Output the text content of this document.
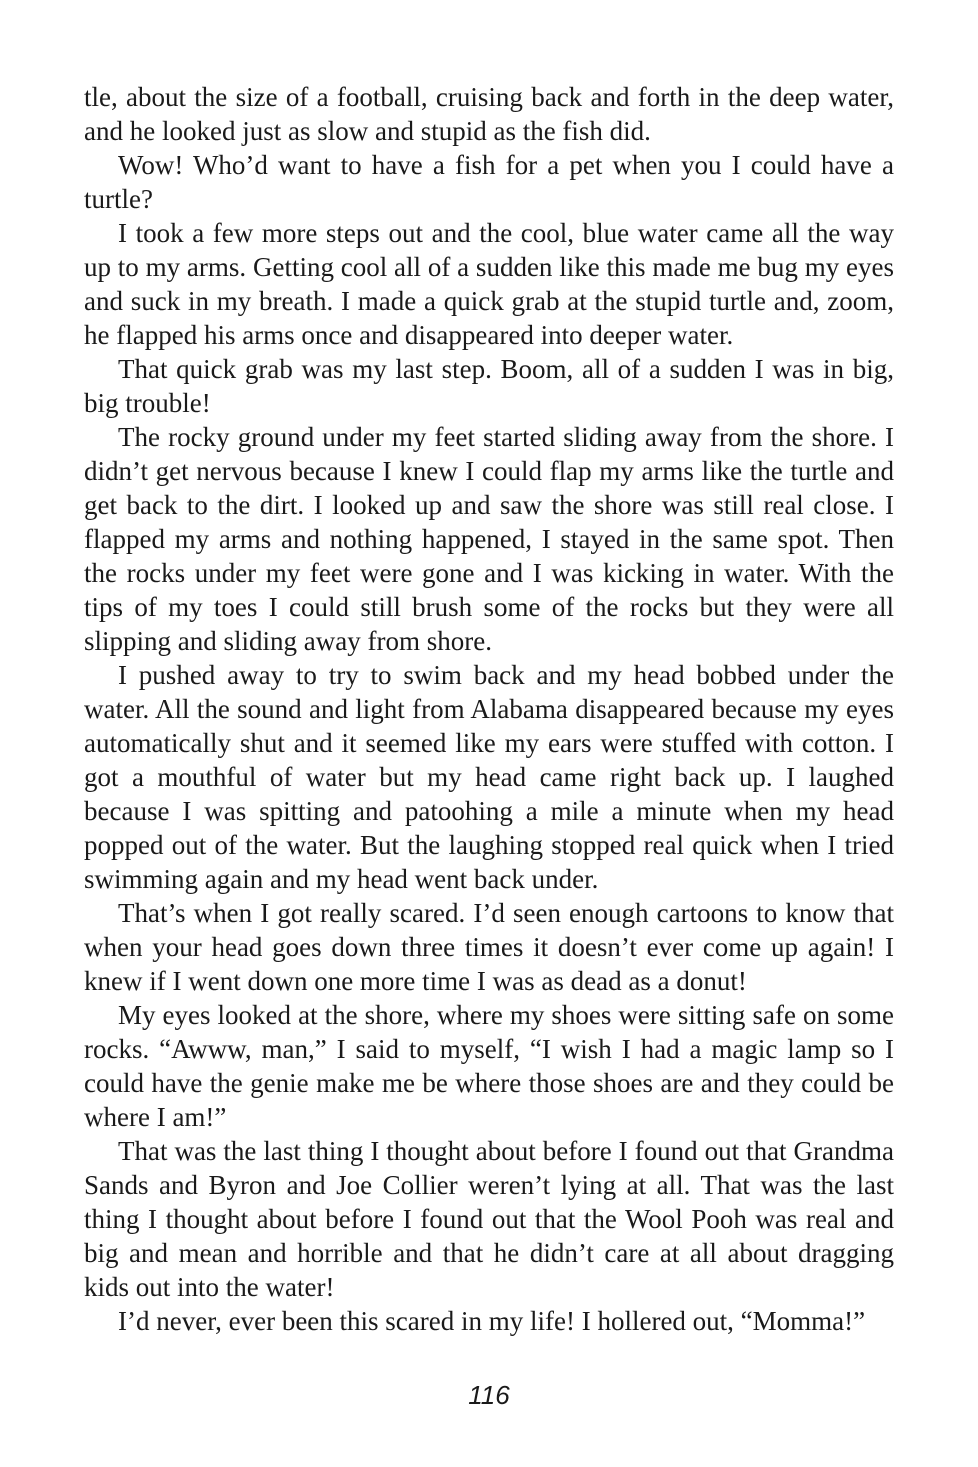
tle, about the size of a football, cruising back and forth in the deep water, and he looked just as slow and stupid as the fish did.

Wow! Who’d want to have a fish for a pet when you I could have a turtle?

I took a few more steps out and the cool, blue water came all the way up to my arms. Getting cool all of a sudden like this made me bug my eyes and suck in my breath. I made a quick grab at the stupid turtle and, zoom, he flapped his arms once and disappeared into deeper water.

That quick grab was my last step. Boom, all of a sudden I was in big, big trouble!

The rocky ground under my feet started sliding away from the shore. I didn’t get nervous because I knew I could flap my arms like the turtle and get back to the dirt. I looked up and saw the shore was still real close. I flapped my arms and nothing happened, I stayed in the same spot. Then the rocks under my feet were gone and I was kicking in water. With the tips of my toes I could still brush some of the rocks but they were all slipping and sliding away from shore.

I pushed away to try to swim back and my head bobbed under the water. All the sound and light from Alabama disappeared because my eyes automatically shut and it seemed like my ears were stuffed with cotton. I got a mouthful of water but my head came right back up. I laughed because I was spitting and patoohing a mile a minute when my head popped out of the water. But the laughing stopped real quick when I tried swimming again and my head went back under.

That’s when I got really scared. I’d seen enough cartoons to know that when your head goes down three times it doesn’t ever come up again! I knew if I went down one more time I was as dead as a donut!

My eyes looked at the shore, where my shoes were sitting safe on some rocks. “Awww, man,” I said to myself, “I wish I had a magic lamp so I could have the genie make me be where those shoes are and they could be where I am!”

That was the last thing I thought about before I found out that Grandma Sands and Byron and Joe Collier weren’t lying at all. That was the last thing I thought about before I found out that the Wool Pooh was real and big and mean and horrible and that he didn’t care at all about dragging kids out into the water!

I’d never, ever been this scared in my life! I hollered out, “Momma!”

116
